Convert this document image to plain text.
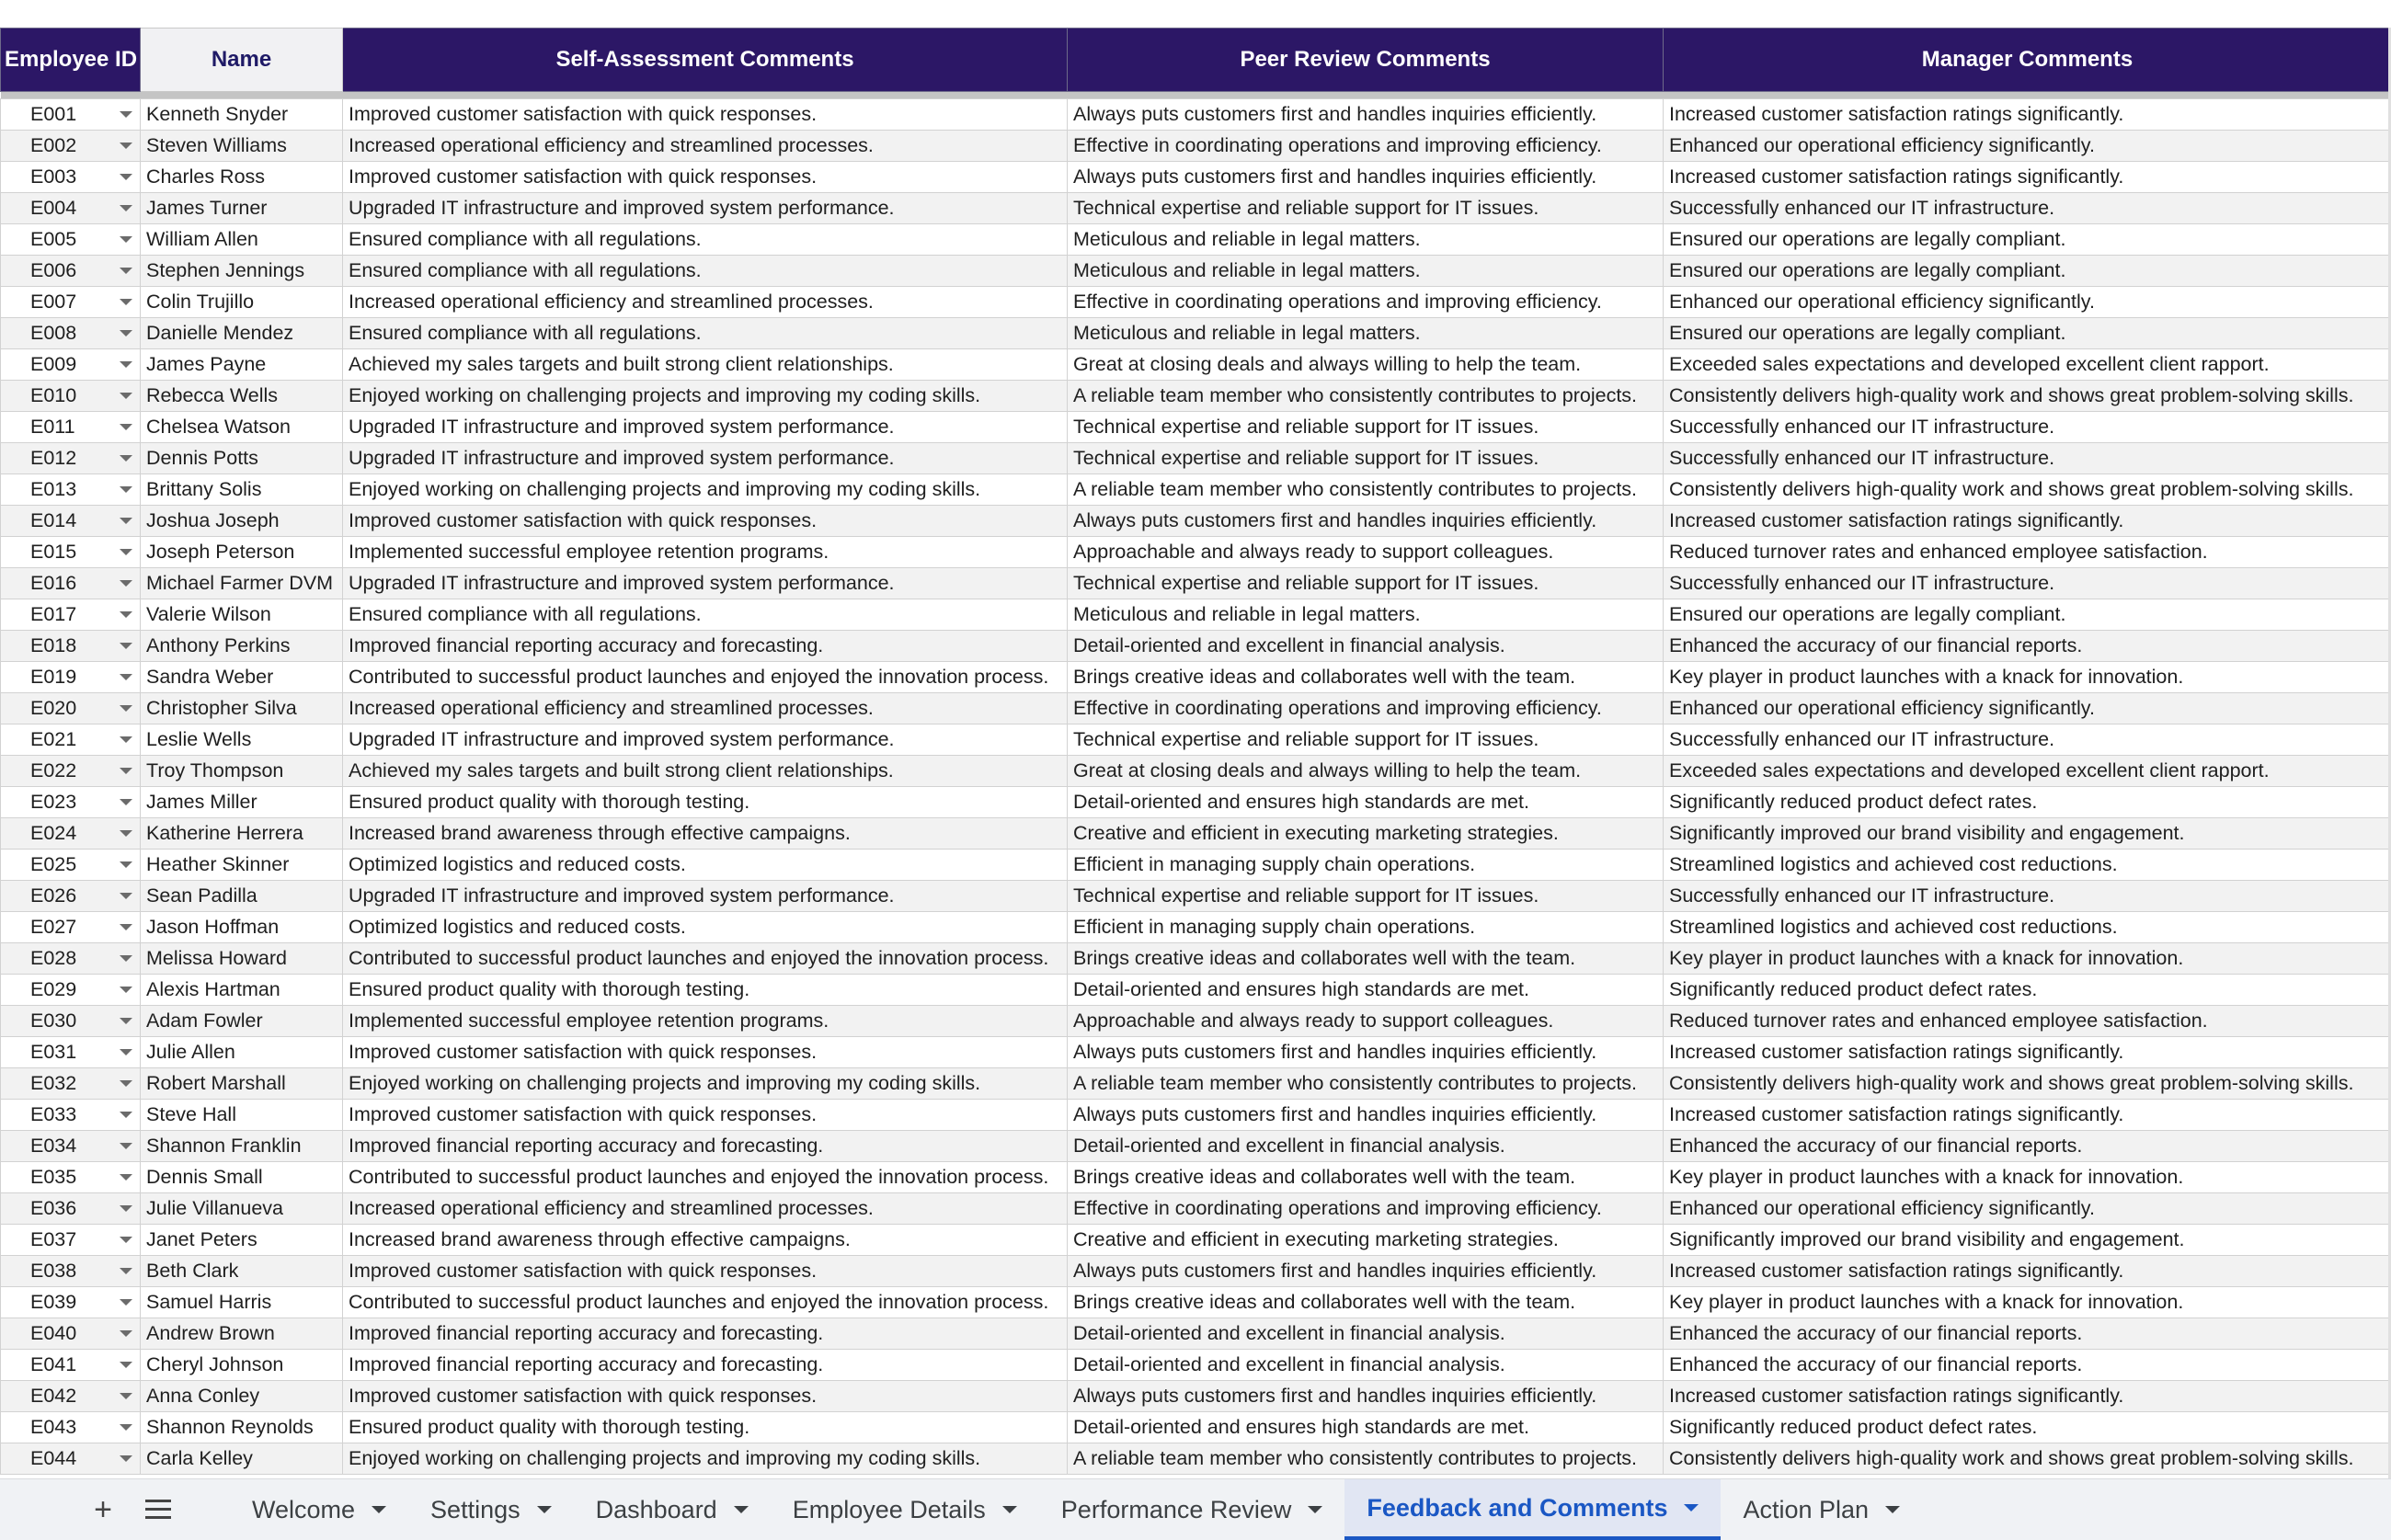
Employee ID	Name	Self-Assessment Comments	Peer Review Comments	Manager Comments

E001	Kenneth Snyder	Improved customer satisfaction with quick responses.	Always puts customers first and handles inquiries efficiently.	Increased customer satisfaction ratings significantly.
E002	Steven Williams	Increased operational efficiency and streamlined processes.	Effective in coordinating operations and improving efficiency.	Enhanced our operational efficiency significantly.
E003	Charles Ross	Improved customer satisfaction with quick responses.	Always puts customers first and handles inquiries efficiently.	Increased customer satisfaction ratings significantly.
E004	James Turner	Upgraded IT infrastructure and improved system performance.	Technical expertise and reliable support for IT issues.	Successfully enhanced our IT infrastructure.
E005	William Allen	Ensured compliance with all regulations.	Meticulous and reliable in legal matters.	Ensured our operations are legally compliant.
E006	Stephen Jennings	Ensured compliance with all regulations.	Meticulous and reliable in legal matters.	Ensured our operations are legally compliant.
E007	Colin Trujillo	Increased operational efficiency and streamlined processes.	Effective in coordinating operations and improving efficiency.	Enhanced our operational efficiency significantly.
E008	Danielle Mendez	Ensured compliance with all regulations.	Meticulous and reliable in legal matters.	Ensured our operations are legally compliant.
E009	James Payne	Achieved my sales targets and built strong client relationships.	Great at closing deals and always willing to help the team.	Exceeded sales expectations and developed excellent client rapport.
E010	Rebecca Wells	Enjoyed working on challenging projects and improving my coding skills.	A reliable team member who consistently contributes to projects.	Consistently delivers high-quality work and shows great problem-solving skills.
E011	Chelsea Watson	Upgraded IT infrastructure and improved system performance.	Technical expertise and reliable support for IT issues.	Successfully enhanced our IT infrastructure.
E012	Dennis Potts	Upgraded IT infrastructure and improved system performance.	Technical expertise and reliable support for IT issues.	Successfully enhanced our IT infrastructure.
E013	Brittany Solis	Enjoyed working on challenging projects and improving my coding skills.	A reliable team member who consistently contributes to projects.	Consistently delivers high-quality work and shows great problem-solving skills.
E014	Joshua Joseph	Improved customer satisfaction with quick responses.	Always puts customers first and handles inquiries efficiently.	Increased customer satisfaction ratings significantly.
E015	Joseph Peterson	Implemented successful employee retention programs.	Approachable and always ready to support colleagues.	Reduced turnover rates and enhanced employee satisfaction.
E016	Michael Farmer DVM	Upgraded IT infrastructure and improved system performance.	Technical expertise and reliable support for IT issues.	Successfully enhanced our IT infrastructure.
E017	Valerie Wilson	Ensured compliance with all regulations.	Meticulous and reliable in legal matters.	Ensured our operations are legally compliant.
E018	Anthony Perkins	Improved financial reporting accuracy and forecasting.	Detail-oriented and excellent in financial analysis.	Enhanced the accuracy of our financial reports.
E019	Sandra Weber	Contributed to successful product launches and enjoyed the innovation process.	Brings creative ideas and collaborates well with the team.	Key player in product launches with a knack for innovation.
E020	Christopher Silva	Increased operational efficiency and streamlined processes.	Effective in coordinating operations and improving efficiency.	Enhanced our operational efficiency significantly.
E021	Leslie Wells	Upgraded IT infrastructure and improved system performance.	Technical expertise and reliable support for IT issues.	Successfully enhanced our IT infrastructure.
E022	Troy Thompson	Achieved my sales targets and built strong client relationships.	Great at closing deals and always willing to help the team.	Exceeded sales expectations and developed excellent client rapport.
E023	James Miller	Ensured product quality with thorough testing.	Detail-oriented and ensures high standards are met.	Significantly reduced product defect rates.
E024	Katherine Herrera	Increased brand awareness through effective campaigns.	Creative and efficient in executing marketing strategies.	Significantly improved our brand visibility and engagement.
E025	Heather Skinner	Optimized logistics and reduced costs.	Efficient in managing supply chain operations.	Streamlined logistics and achieved cost reductions.
E026	Sean Padilla	Upgraded IT infrastructure and improved system performance.	Technical expertise and reliable support for IT issues.	Successfully enhanced our IT infrastructure.
E027	Jason Hoffman	Optimized logistics and reduced costs.	Efficient in managing supply chain operations.	Streamlined logistics and achieved cost reductions.
E028	Melissa Howard	Contributed to successful product launches and enjoyed the innovation process.	Brings creative ideas and collaborates well with the team.	Key player in product launches with a knack for innovation.
E029	Alexis Hartman	Ensured product quality with thorough testing.	Detail-oriented and ensures high standards are met.	Significantly reduced product defect rates.
E030	Adam Fowler	Implemented successful employee retention programs.	Approachable and always ready to support colleagues.	Reduced turnover rates and enhanced employee satisfaction.
E031	Julie Allen	Improved customer satisfaction with quick responses.	Always puts customers first and handles inquiries efficiently.	Increased customer satisfaction ratings significantly.
E032	Robert Marshall	Enjoyed working on challenging projects and improving my coding skills.	A reliable team member who consistently contributes to projects.	Consistently delivers high-quality work and shows great problem-solving skills.
E033	Steve Hall	Improved customer satisfaction with quick responses.	Always puts customers first and handles inquiries efficiently.	Increased customer satisfaction ratings significantly.
E034	Shannon Franklin	Improved financial reporting accuracy and forecasting.	Detail-oriented and excellent in financial analysis.	Enhanced the accuracy of our financial reports.
E035	Dennis Small	Contributed to successful product launches and enjoyed the innovation process.	Brings creative ideas and collaborates well with the team.	Key player in product launches with a knack for innovation.
E036	Julie Villanueva	Increased operational efficiency and streamlined processes.	Effective in coordinating operations and improving efficiency.	Enhanced our operational efficiency significantly.
E037	Janet Peters	Increased brand awareness through effective campaigns.	Creative and efficient in executing marketing strategies.	Significantly improved our brand visibility and engagement.
E038	Beth Clark	Improved customer satisfaction with quick responses.	Always puts customers first and handles inquiries efficiently.	Increased customer satisfaction ratings significantly.
E039	Samuel Harris	Contributed to successful product launches and enjoyed the innovation process.	Brings creative ideas and collaborates well with the team.	Key player in product launches with a knack for innovation.
E040	Andrew Brown	Improved financial reporting accuracy and forecasting.	Detail-oriented and excellent in financial analysis.	Enhanced the accuracy of our financial reports.
E041	Cheryl Johnson	Improved financial reporting accuracy and forecasting.	Detail-oriented and excellent in financial analysis.	Enhanced the accuracy of our financial reports.
E042	Anna Conley	Improved customer satisfaction with quick responses.	Always puts customers first and handles inquiries efficiently.	Increased customer satisfaction ratings significantly.
E043	Shannon Reynolds	Ensured product quality with thorough testing.	Detail-oriented and ensures high standards are met.	Significantly reduced product defect rates.
E044	Carla Kelley	Enjoyed working on challenging projects and improving my coding skills.	A reliable team member who consistently contributes to projects.	Consistently delivers high-quality work and shows great problem-solving skills.
+	Welcome	Settings	Dashboard	Employee Details	Performance Review	Feedback and Comments	Action Plan
